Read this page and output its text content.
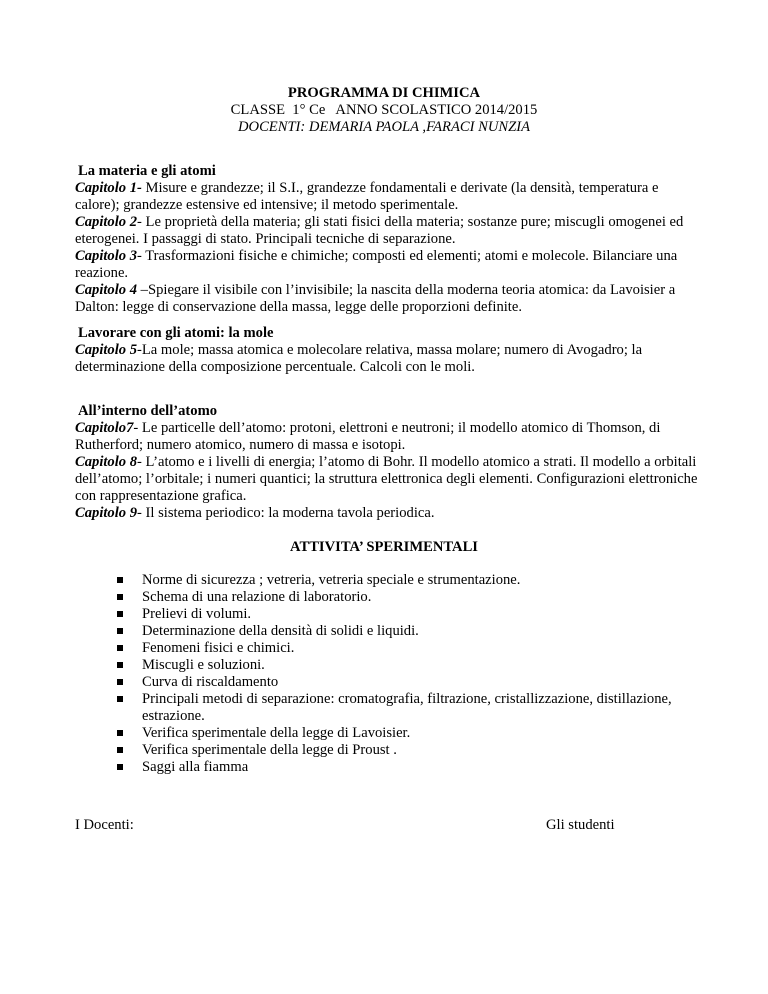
PROGRAMMA DI CHIMICA
CLASSE  1° Ce   ANNO SCOLASTICO 2014/2015
DOCENTI: DEMARIA PAOLA ,FARACI NUNZIA
La materia e gli atomi

Capitolo 1- Misure e grandezze; il S.I., grandezze fondamentali e derivate (la densità, temperatura e calore); grandezze estensive ed intensive; il metodo sperimentale.

Capitolo 2- Le proprietà della materia; gli stati fisici della materia; sostanze pure; miscugli omogenei ed eterogenei. I passaggi di stato. Principali tecniche di separazione.

Capitolo 3- Trasformazioni fisiche e chimiche; composti ed elementi; atomi e molecole. Bilanciare una reazione.

Capitolo 4 –Spiegare il visibile con l’invisibile; la nascita della moderna teoria atomica: da Lavoisier a Dalton: legge di conservazione della massa, legge delle proporzioni definite.

Lavorare con gli atomi: la mole

Capitolo 5-La mole; massa atomica e molecolare relativa, massa molare; numero di Avogadro; la determinazione della composizione percentuale. Calcoli con le moli.

All’interno dell’atomo

Capitolo7- Le particelle dell’atomo: protoni, elettroni e neutroni; il modello atomico di Thomson, di Rutherford; numero atomico, numero di massa e isotopi.

Capitolo 8- L’atomo e i livelli di energia; l’atomo di Bohr. Il modello atomico a strati. Il modello a orbitali dell’atomo; l’orbitale; i numeri quantici; la struttura elettronica degli elementi. Configurazioni elettroniche con rappresentazione grafica.

Capitolo 9- Il sistema periodico: la moderna tavola periodica.

ATTIVITA’ SPERIMENTALI
Norme di sicurezza ; vetreria, vetreria speciale e strumentazione.
Schema di una relazione di laboratorio.
Prelievi di volumi.
Determinazione della densità di solidi e liquidi.
Fenomeni fisici e chimici.
Miscugli e soluzioni.
Curva di riscaldamento
Principali metodi di separazione: cromatografia, filtrazione, cristallizzazione, distillazione, estrazione.
Verifica sperimentale della legge di Lavoisier.
Verifica sperimentale della legge di Proust .
Saggi alla fiamma
I Docenti:	Gli studenti
